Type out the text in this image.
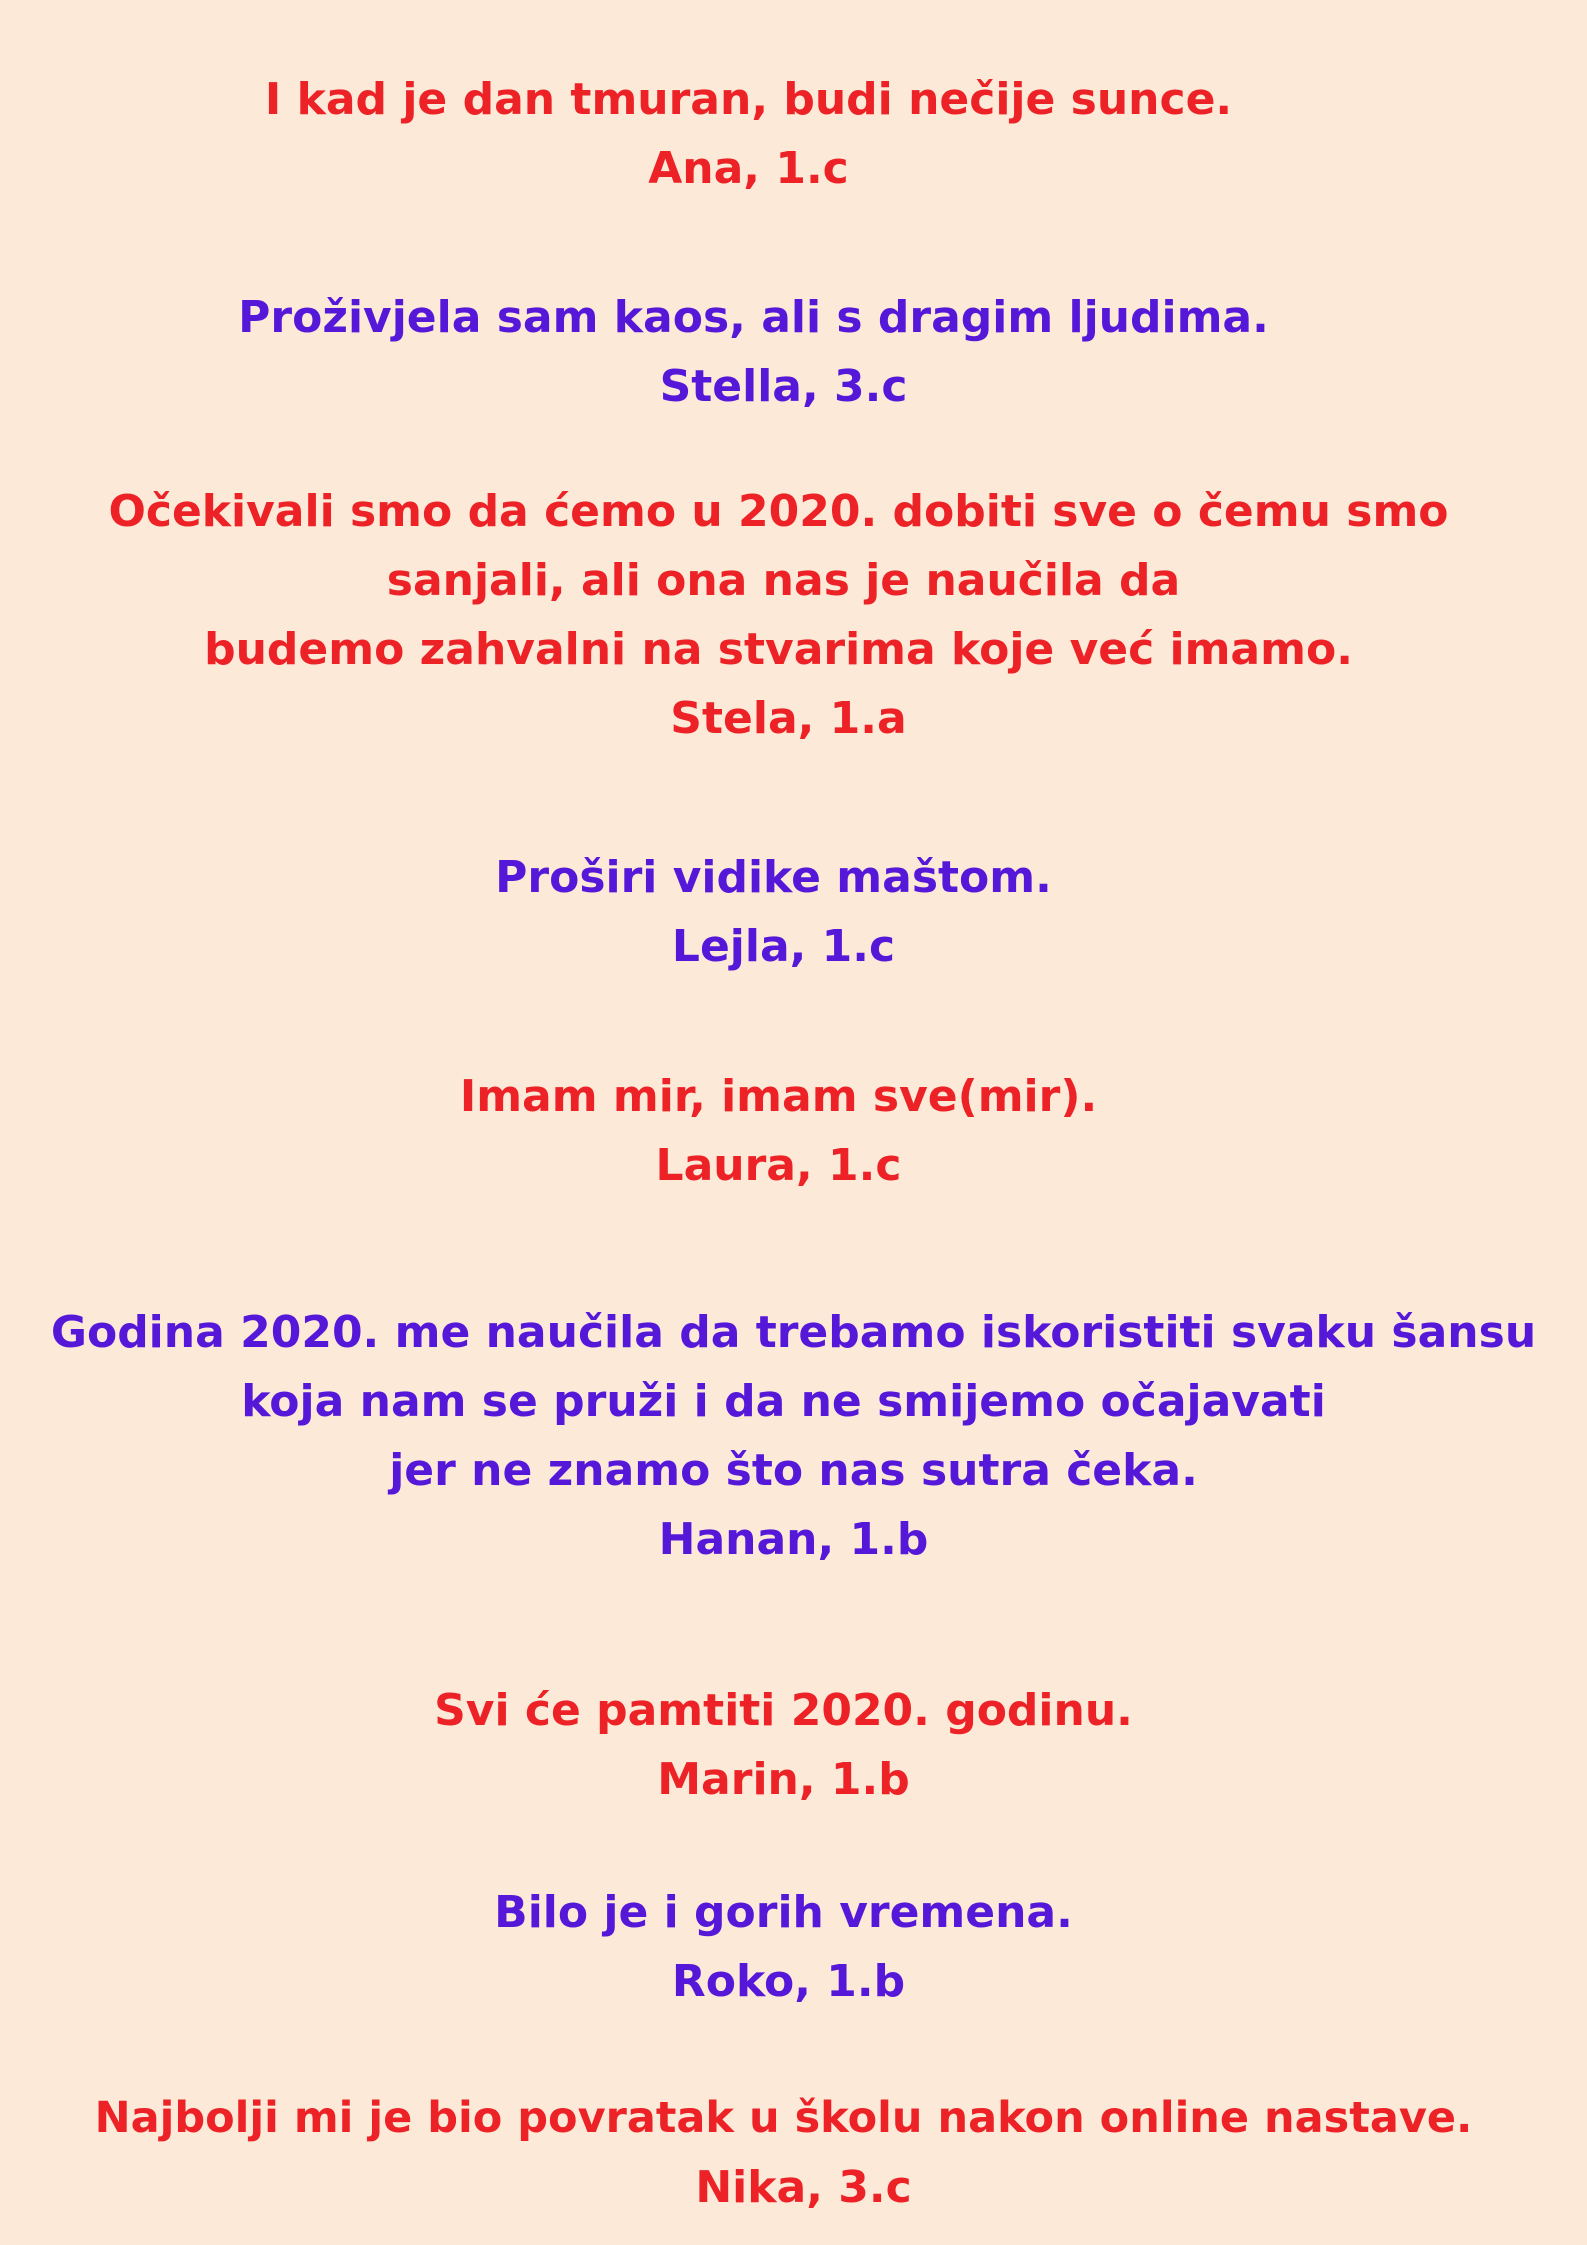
I kad je dan tmuran, budi nečije sunce.
Ana, 1.c
Proživjela sam kaos, ali s dragim ljudima.
Stella, 3.c
Očekivali smo da ćemo u 2020. dobiti sve o čemu smo
sanjali, ali ona nas je naučila da
budemo zahvalni na stvarima koje već imamo.
Stela, 1.a
Proširi vidike maštom.
Lejla, 1.c
Imam mir, imam sve(mir).
Laura, 1.c
Godina 2020. me naučila da trebamo iskoristiti svaku šansu
koja nam se pruži i da ne smijemo očajavati
jer ne znamo što nas sutra čeka.
Hanan, 1.b
Svi će pamtiti 2020. godinu.
Marin, 1.b
Bilo je i gorih vremena.
Roko, 1.b
Najbolji mi je bio povratak u školu nakon online nastave.
Nika, 3.c
